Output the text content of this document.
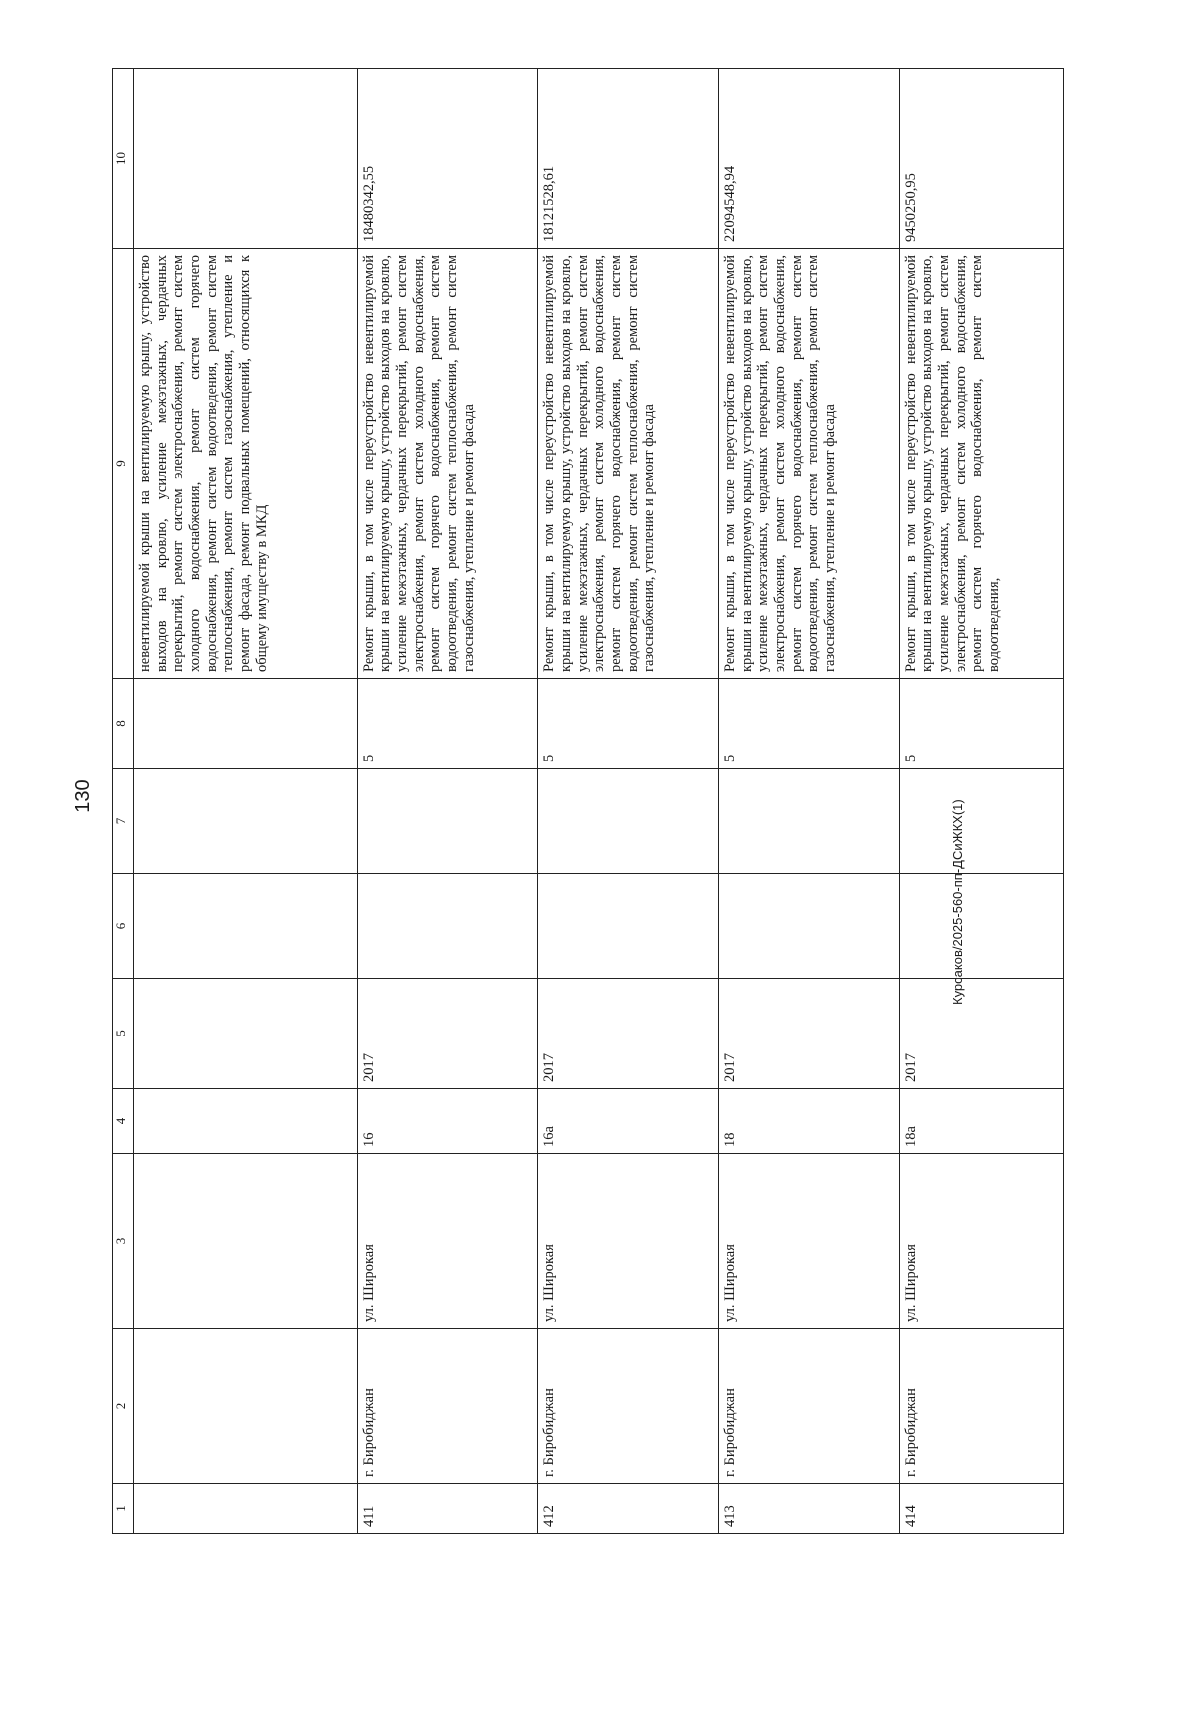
130
Курсаков/2025-560-пп-ДСиЖКХ(1)
1	2	3	4	5	6	7	8	9	10
								невентилируемой крыши на вентилируемую крышу, устройство выходов на кровлю, усиление межэтажных, чердачных перекрытий, ремонт систем электроснабжения, ремонт систем холодного водоснабжения, ремонт систем горячего водоснабжения, ремонт систем водоотведения, ремонт систем теплоснабжения, ремонт систем газоснабжения, утепление и ремонт фасада, ремонт подвальных помещений, относящихся к общему имуществу в МКД	
411	г. Биробиджан	ул. Широкая	16	2017			5	Ремонт крыши, в том числе переустройство невентилируемой крыши на вентилируемую крышу, устройство выходов на кровлю, усиление межэтажных, чердачных перекрытий, ремонт систем электроснабжения, ремонт систем холодного водоснабжения, ремонт систем горячего водоснабжения, ремонт систем водоотведения, ремонт систем теплоснабжения, ремонт систем газоснабжения, утепление и ремонт фасада	18480342,55
412	г. Биробиджан	ул. Широкая	16а	2017			5	Ремонт крыши, в том числе переустройство невентилируемой крыши на вентилируемую крышу, устройство выходов на кровлю, усиление межэтажных, чердачных перекрытий, ремонт систем электроснабжения, ремонт систем холодного водоснабжения, ремонт систем горячего водоснабжения, ремонт систем водоотведения, ремонт систем теплоснабжения, ремонт систем газоснабжения, утепление и ремонт фасада	18121528,61
413	г. Биробиджан	ул. Широкая	18	2017			5	Ремонт крыши, в том числе переустройство невентилируемой крыши на вентилируемую крышу, устройство выходов на кровлю, усиление межэтажных, чердачных перекрытий, ремонт систем электроснабжения, ремонт систем холодного водоснабжения, ремонт систем горячего водоснабжения, ремонт систем водоотведения, ремонт систем теплоснабжения, ремонт систем газоснабжения, утепление и ремонт фасада	22094548,94
414	г. Биробиджан	ул. Широкая	18а	2017			5	Ремонт крыши, в том числе переустройство невентилируемой крыши на вентилируемую крышу, устройство выходов на кровлю, усиление межэтажных, чердачных перекрытий, ремонт систем электроснабжения, ремонт систем холодного водоснабжения, ремонт систем горячего водоснабжения, ремонт систем водоотведения,	9450250,95
